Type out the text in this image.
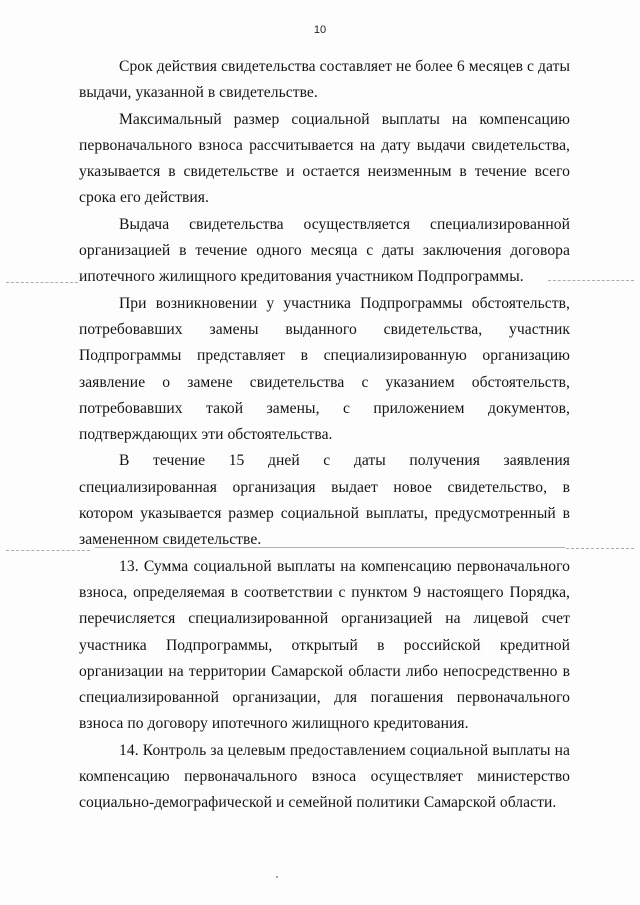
10

Срок действия свидетельства составляет не более 6 месяцев с даты выдачи, указанной в свидетельстве.

Максимальный размер социальной выплаты на компенсацию первоначального взноса рассчитывается на дату выдачи свидетельства, указывается в свидетельстве и остается неизменным в течение всего срока его действия.

Выдача свидетельства осуществляется специализированной организацией в течение одного месяца с даты заключения договора ипотечного жилищного кредитования участником Подпрограммы.

При возникновении у участника Подпрограммы обстоятельств, потребовавших замены выданного свидетельства, участник Подпрограммы представляет в специализированную организацию заявление о замене свидетельства с указанием обстоятельств, потребовавших такой замены, с приложением документов, подтверждающих эти обстоятельства.

В течение 15 дней с даты получения заявления специализированная организация выдает новое свидетельство, в котором указывается размер социальной выплаты, предусмотренный в замененном свидетельстве.

13. Сумма социальной выплаты на компенсацию первоначального взноса, определяемая в соответствии с пунктом 9 настоящего Порядка, перечисляется специализированной организацией на лицевой счет участника Подпрограммы, открытый в российской кредитной организации на территории Самарской области либо непосредственно в специализированной организации, для погашения первоначального взноса по договору ипотечного жилищного кредитования.

14. Контроль за целевым предоставлением социальной выплаты на компенсацию первоначального взноса осуществляет министерство социально-демографической и семейной политики Самарской области.
